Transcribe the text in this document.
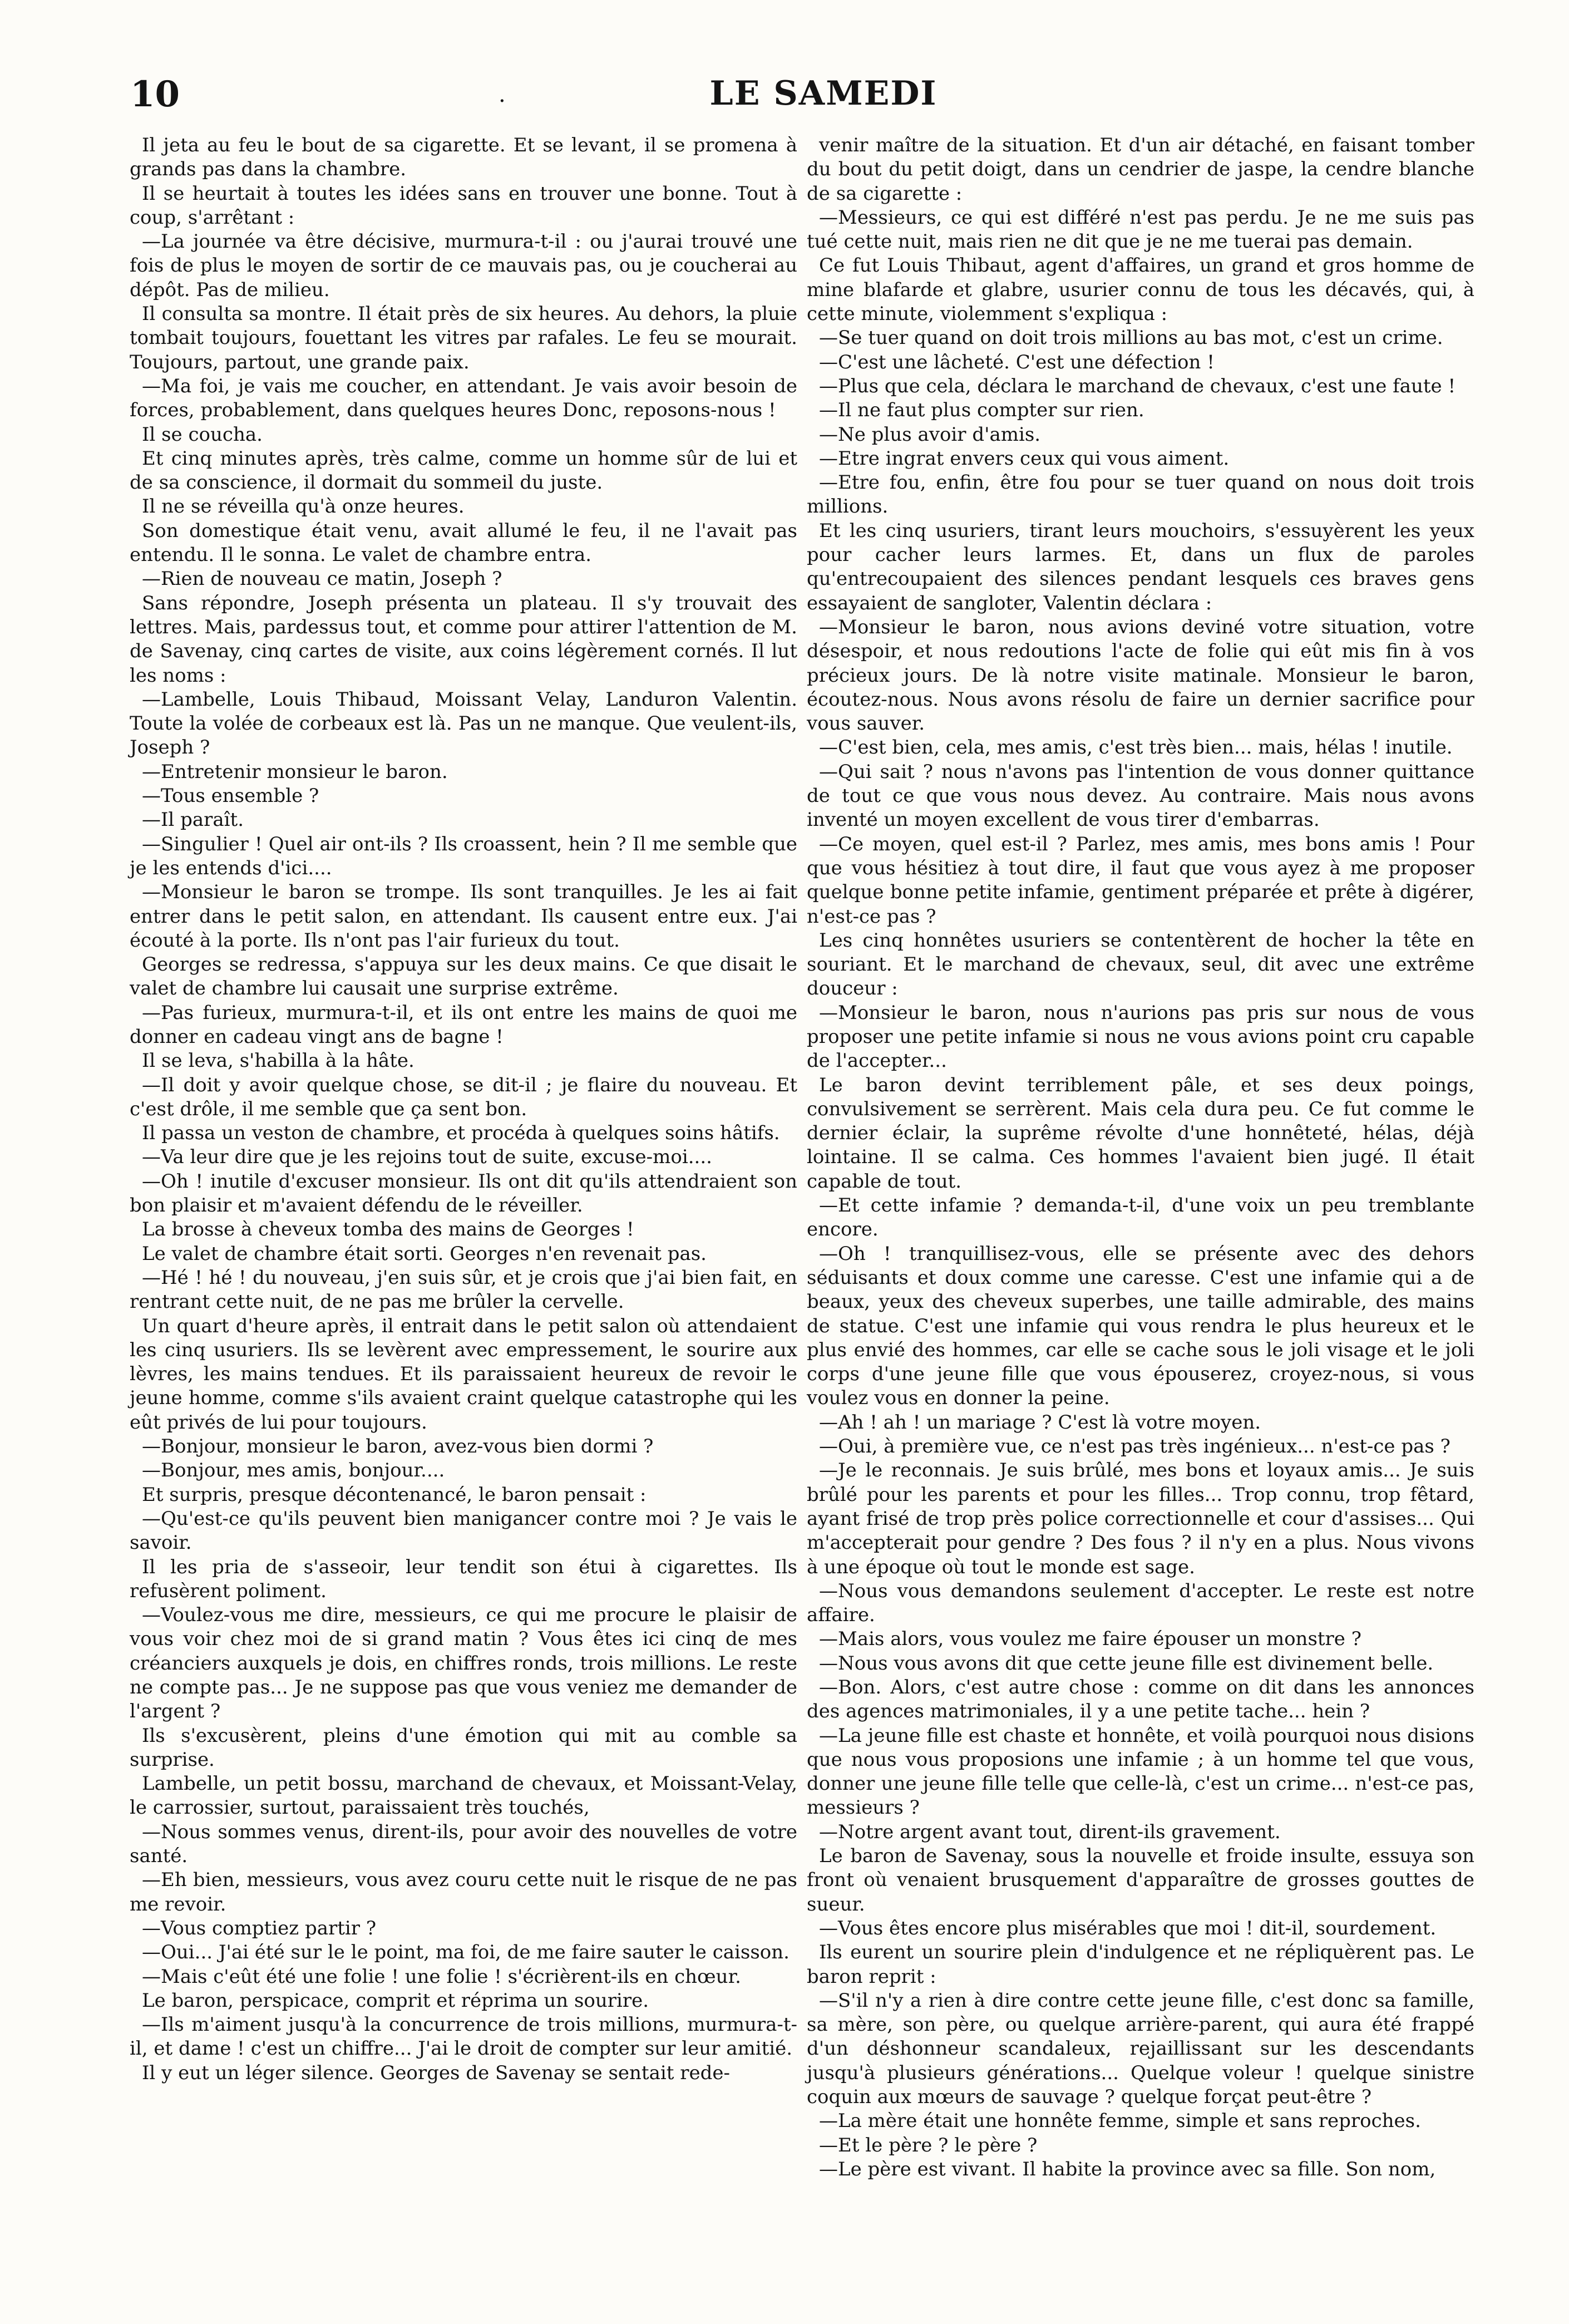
10	.	LE SAMEDI

Il jeta au feu le bout de sa cigarette. Et se levant, il se promena à grands pas dans la chambre.

Il se heurtait à toutes les idées sans en trouver une bonne. Tout à coup, s'arrêtant :

—La journée va être décisive, murmura-t-il : ou j'aurai trouvé une fois de plus le moyen de sortir de ce mauvais pas, ou je coucherai au dépôt. Pas de milieu.

Il consulta sa montre. Il était près de six heures. Au dehors, la pluie tombait toujours, fouettant les vitres par rafales. Le feu se mourait. Toujours, partout, une grande paix.

—Ma foi, je vais me coucher, en attendant. Je vais avoir besoin de forces, probablement, dans quelques heures Donc, reposons-nous !

Il se coucha.

Et cinq minutes après, très calme, comme un homme sûr de lui et de sa conscience, il dormait du sommeil du juste.

Il ne se réveilla qu'à onze heures.

Son domestique était venu, avait allumé le feu, il ne l'avait pas entendu. Il le sonna. Le valet de chambre entra.

—Rien de nouveau ce matin, Joseph ?

Sans répondre, Joseph présenta un plateau. Il s'y trouvait des lettres. Mais, pardessus tout, et comme pour attirer l'attention de M. de Savenay, cinq cartes de visite, aux coins légèrement cornés. Il lut les noms :

—Lambelle, Louis Thibaud, Moissant Velay, Landuron Valentin. Toute la volée de corbeaux est là. Pas un ne manque. Que veulent-ils, Joseph ?

—Entretenir monsieur le baron.

—Tous ensemble ?

—Il paraît.

—Singulier ! Quel air ont-ils ? Ils croassent, hein ? Il me semble que je les entends d'ici....

—Monsieur le baron se trompe. Ils sont tranquilles. Je les ai fait entrer dans le petit salon, en attendant. Ils causent entre eux. J'ai écouté à la porte. Ils n'ont pas l'air furieux du tout.

Georges se redressa, s'appuya sur les deux mains. Ce que disait le valet de chambre lui causait une surprise extrême.

—Pas furieux, murmura-t-il, et ils ont entre les mains de quoi me donner en cadeau vingt ans de bagne !

Il se leva, s'habilla à la hâte.

—Il doit y avoir quelque chose, se dit-il ; je flaire du nouveau. Et c'est drôle, il me semble que ça sent bon.

Il passa un veston de chambre, et procéda à quelques soins hâtifs.

—Va leur dire que je les rejoins tout de suite, excuse-moi....

—Oh ! inutile d'excuser monsieur. Ils ont dit qu'ils attendraient son bon plaisir et m'avaient défendu de le réveiller.

La brosse à cheveux tomba des mains de Georges !

Le valet de chambre était sorti. Georges n'en revenait pas.

—Hé ! hé ! du nouveau, j'en suis sûr, et je crois que j'ai bien fait, en rentrant cette nuit, de ne pas me brûler la cervelle.

Un quart d'heure après, il entrait dans le petit salon où attendaient les cinq usuriers. Ils se levèrent avec empressement, le sourire aux lèvres, les mains tendues. Et ils paraissaient heureux de revoir le jeune homme, comme s'ils avaient craint quelque catastrophe qui les eût privés de lui pour toujours.

—Bonjour, monsieur le baron, avez-vous bien dormi ?

—Bonjour, mes amis, bonjour....

Et surpris, presque décontenancé, le baron pensait :

—Qu'est-ce qu'ils peuvent bien manigancer contre moi ? Je vais le savoir.

Il les pria de s'asseoir, leur tendit son étui à cigarettes. Ils refusèrent poliment.

—Voulez-vous me dire, messieurs, ce qui me procure le plaisir de vous voir chez moi de si grand matin ? Vous êtes ici cinq de mes créanciers auxquels je dois, en chiffres ronds, trois millions. Le reste ne compte pas... Je ne suppose pas que vous veniez me demander de l'argent ?

Ils s'excusèrent, pleins d'une émotion qui mit au comble sa surprise.

Lambelle, un petit bossu, marchand de chevaux, et Moissant-Velay, le carrossier, surtout, paraissaient très touchés,

—Nous sommes venus, dirent-ils, pour avoir des nouvelles de votre santé.

—Eh bien, messieurs, vous avez couru cette nuit le risque de ne pas me revoir.

—Vous comptiez partir ?

—Oui... J'ai été sur le le point, ma foi, de me faire sauter le caisson.

—Mais c'eût été une folie ! une folie ! s'écrièrent-ils en chœur.

Le baron, perspicace, comprit et réprima un sourire.

—Ils m'aiment jusqu'à la concurrence de trois millions, murmura-t-il, et dame ! c'est un chiffre... J'ai le droit de compter sur leur amitié.

Il y eut un léger silence. Georges de Savenay se sentait rede-

venir maître de la situation. Et d'un air détaché, en faisant tomber du bout du petit doigt, dans un cendrier de jaspe, la cendre blanche de sa cigarette :

—Messieurs, ce qui est différé n'est pas perdu. Je ne me suis pas tué cette nuit, mais rien ne dit que je ne me tuerai pas demain.

Ce fut Louis Thibaut, agent d'affaires, un grand et gros homme de mine blafarde et glabre, usurier connu de tous les décavés, qui, à cette minute, violemment s'expliqua :

—Se tuer quand on doit trois millions au bas mot, c'est un crime.

—C'est une lâcheté. C'est une défection !

—Plus que cela, déclara le marchand de chevaux, c'est une faute !

—Il ne faut plus compter sur rien.

—Ne plus avoir d'amis.

—Etre ingrat envers ceux qui vous aiment.

—Etre fou, enfin, être fou pour se tuer quand on nous doit trois millions.

Et les cinq usuriers, tirant leurs mouchoirs, s'essuyèrent les yeux pour cacher leurs larmes. Et, dans un flux de paroles qu'entrecoupaient des silences pendant lesquels ces braves gens essayaient de sangloter, Valentin déclara :

—Monsieur le baron, nous avions deviné votre situation, votre désespoir, et nous redoutions l'acte de folie qui eût mis fin à vos précieux jours. De là notre visite matinale. Monsieur le baron, écoutez-nous. Nous avons résolu de faire un dernier sacrifice pour vous sauver.

—C'est bien, cela, mes amis, c'est très bien... mais, hélas ! inutile.

—Qui sait ? nous n'avons pas l'intention de vous donner quittance de tout ce que vous nous devez. Au contraire. Mais nous avons inventé un moyen excellent de vous tirer d'embarras.

—Ce moyen, quel est-il ? Parlez, mes amis, mes bons amis ! Pour que vous hésitiez à tout dire, il faut que vous ayez à me proposer quelque bonne petite infamie, gentiment préparée et prête à digérer, n'est-ce pas ?

Les cinq honnêtes usuriers se contentèrent de hocher la tête en souriant. Et le marchand de chevaux, seul, dit avec une extrême douceur :

—Monsieur le baron, nous n'aurions pas pris sur nous de vous proposer une petite infamie si nous ne vous avions point cru capable de l'accepter...

Le baron devint terriblement pâle, et ses deux poings, convulsivement se serrèrent. Mais cela dura peu. Ce fut comme le dernier éclair, la suprême révolte d'une honnêteté, hélas, déjà lointaine. Il se calma. Ces hommes l'avaient bien jugé. Il était capable de tout.

—Et cette infamie ? demanda-t-il, d'une voix un peu tremblante encore.

—Oh ! tranquillisez-vous, elle se présente avec des dehors séduisants et doux comme une caresse. C'est une infamie qui a de beaux, yeux des cheveux superbes, une taille admirable, des mains de statue. C'est une infamie qui vous rendra le plus heureux et le plus envié des hommes, car elle se cache sous le joli visage et le joli corps d'une jeune fille que vous épouserez, croyez-nous, si vous voulez vous en donner la peine.

—Ah ! ah ! un mariage ? C'est là votre moyen.

—Oui, à première vue, ce n'est pas très ingénieux... n'est-ce pas ?

—Je le reconnais. Je suis brûlé, mes bons et loyaux amis... Je suis brûlé pour les parents et pour les filles... Trop connu, trop fêtard, ayant frisé de trop près police correctionnelle et cour d'assises... Qui m'accepterait pour gendre ? Des fous ? il n'y en a plus. Nous vivons à une époque où tout le monde est sage.

—Nous vous demandons seulement d'accepter. Le reste est notre affaire.

—Mais alors, vous voulez me faire épouser un monstre ?

—Nous vous avons dit que cette jeune fille est divinement belle.

—Bon. Alors, c'est autre chose : comme on dit dans les annonces des agences matrimoniales, il y a une petite tache... hein ?

—La jeune fille est chaste et honnête, et voilà pourquoi nous disions que nous vous proposions une infamie ; à un homme tel que vous, donner une jeune fille telle que celle-là, c'est un crime... n'est-ce pas, messieurs ?

—Notre argent avant tout, dirent-ils gravement.

Le baron de Savenay, sous la nouvelle et froide insulte, essuya son front où venaient brusquement d'apparaître de grosses gouttes de sueur.

—Vous êtes encore plus misérables que moi ! dit-il, sourdement.

Ils eurent un sourire plein d'indulgence et ne répliquèrent pas. Le baron reprit :

—S'il n'y a rien à dire contre cette jeune fille, c'est donc sa famille, sa mère, son père, ou quelque arrière-parent, qui aura été frappé d'un déshonneur scandaleux, rejaillissant sur les descendants jusqu'à plusieurs générations... Quelque voleur ! quelque sinistre coquin aux mœurs de sauvage ? quelque forçat peut-être ?

—La mère était une honnête femme, simple et sans reproches.

—Et le père ? le père ?

—Le père est vivant. Il habite la province avec sa fille. Son nom,
